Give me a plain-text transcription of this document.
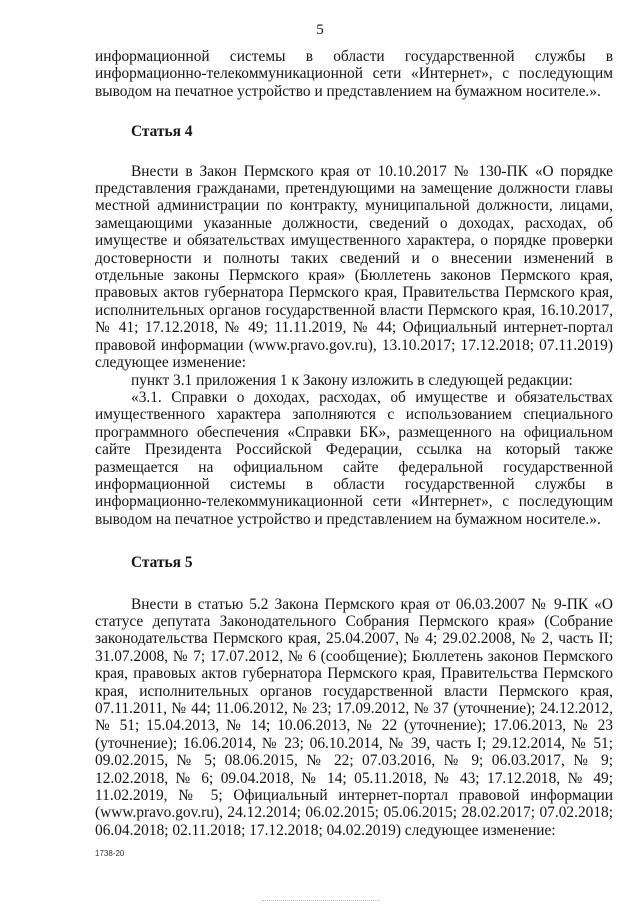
5

информационной системы в области государственной службы в информационно-телекоммуникационной сети «Интернет», с последующим выводом на печатное устройство и представлением на бумажном носителе.».

Статья 4

Внести в Закон Пермского края от 10.10.2017 № 130-ПК «О порядке представления гражданами, претендующими на замещение должности главы местной администрации по контракту, муниципальной должности, лицами, замещающими указанные должности, сведений о доходах, расходах, об имуществе и обязательствах имущественного характера, о порядке проверки достоверности и полноты таких сведений и о внесении изменений в отдельные законы Пермского края» (Бюллетень законов Пермского края, правовых актов губернатора Пермского края, Правительства Пермского края, исполнительных органов государственной власти Пермского края, 16.10.2017, № 41; 17.12.2018, № 49; 11.11.2019, № 44; Официальный интернет-портал правовой информации (www.pravo.gov.ru), 13.10.2017; 17.12.2018; 07.11.2019) следующее изменение:

пункт 3.1 приложения 1 к Закону изложить в следующей редакции:

«3.1. Справки о доходах, расходах, об имуществе и обязательствах имущественного характера заполняются с использованием специального программного обеспечения «Справки БК», размещенного на официальном сайте Президента Российской Федерации, ссылка на который также размещается на официальном сайте федеральной государственной информационной системы в области государственной службы в информационно-телекоммуникационной сети «Интернет», с последующим выводом на печатное устройство и представлением на бумажном носителе.».

Статья 5

Внести в статью 5.2 Закона Пермского края от 06.03.2007 № 9-ПК «О статусе депутата Законодательного Собрания Пермского края» (Собрание законодательства Пермского края, 25.04.2007, № 4; 29.02.2008, № 2, часть II; 31.07.2008, № 7; 17.07.2012, № 6 (сообщение); Бюллетень законов Пермского края, правовых актов губернатора Пермского края, Правительства Пермского края, исполнительных органов государственной власти Пермского края, 07.11.2011, № 44; 11.06.2012, № 23; 17.09.2012, № 37 (уточнение); 24.12.2012, № 51; 15.04.2013, № 14; 10.06.2013, № 22 (уточнение); 17.06.2013, № 23 (уточнение); 16.06.2014, № 23; 06.10.2014, № 39, часть I; 29.12.2014, № 51; 09.02.2015, № 5; 08.06.2015, № 22; 07.03.2016, № 9; 06.03.2017, № 9; 12.02.2018, № 6; 09.04.2018, № 14; 05.11.2018, № 43; 17.12.2018, № 49; 11.02.2019, № 5; Официальный интернет-портал правовой информации (www.pravo.gov.ru), 24.12.2014; 06.02.2015; 05.06.2015; 28.02.2017; 07.02.2018; 06.04.2018; 02.11.2018; 17.12.2018; 04.02.2019) следующее изменение:

1738-20
